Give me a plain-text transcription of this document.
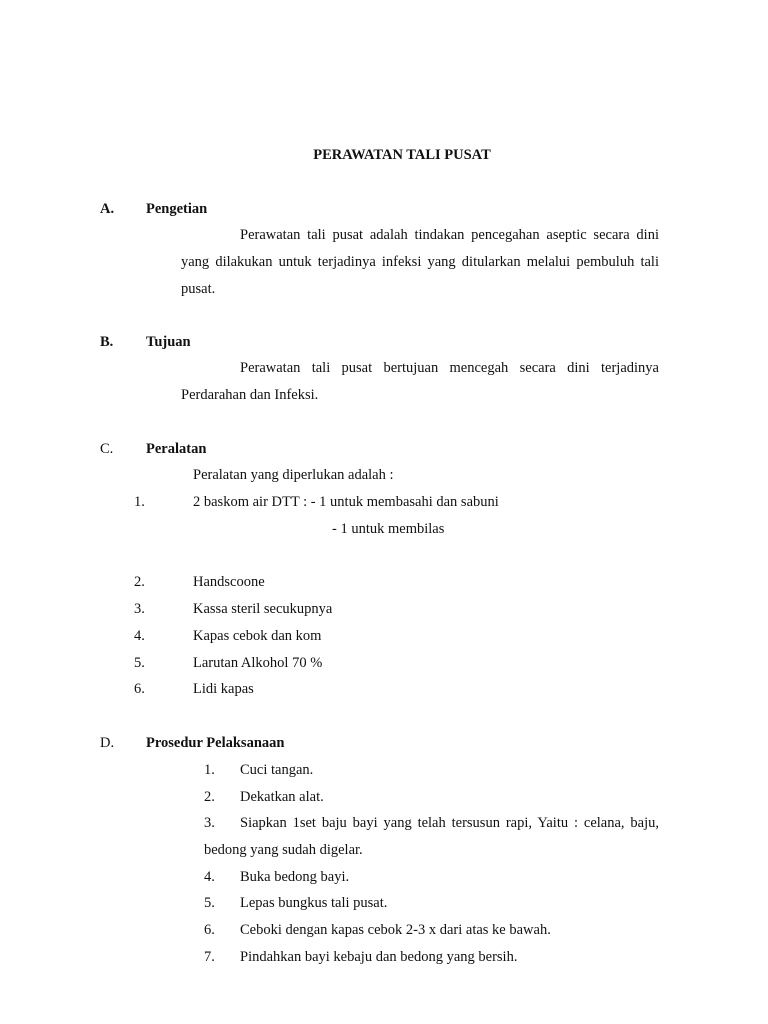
PERAWATAN TALI PUSAT
A. Pengetian
Perawatan tali pusat adalah tindakan pencegahan aseptic secara dini yang dilakukan untuk terjadinya infeksi yang ditularkan melalui pembuluh tali pusat.
B. Tujuan
Perawatan tali pusat bertujuan mencegah secara dini terjadinya Perdarahan dan Infeksi.
C. Peralatan
Peralatan yang diperlukan adalah :
1.	2 baskom air DTT : - 1 untuk membasahi dan sabuni
- 1 untuk membilas
2.	Handscoone
3.	Kassa steril secukupnya
4.	Kapas cebok dan kom
5.	Larutan Alkohol 70 %
6.	Lidi kapas
D. Prosedur Pelaksanaan
1. Cuci tangan.
2. Dekatkan alat.
3. Siapkan 1set baju bayi yang telah tersusun rapi, Yaitu : celana, baju, bedong yang sudah digelar.
4. Buka bedong bayi.
5. Lepas bungkus tali pusat.
6. Ceboki dengan kapas cebok 2-3 x dari atas ke bawah.
7. Pindahkan bayi kebaju dan bedong yang bersih.
